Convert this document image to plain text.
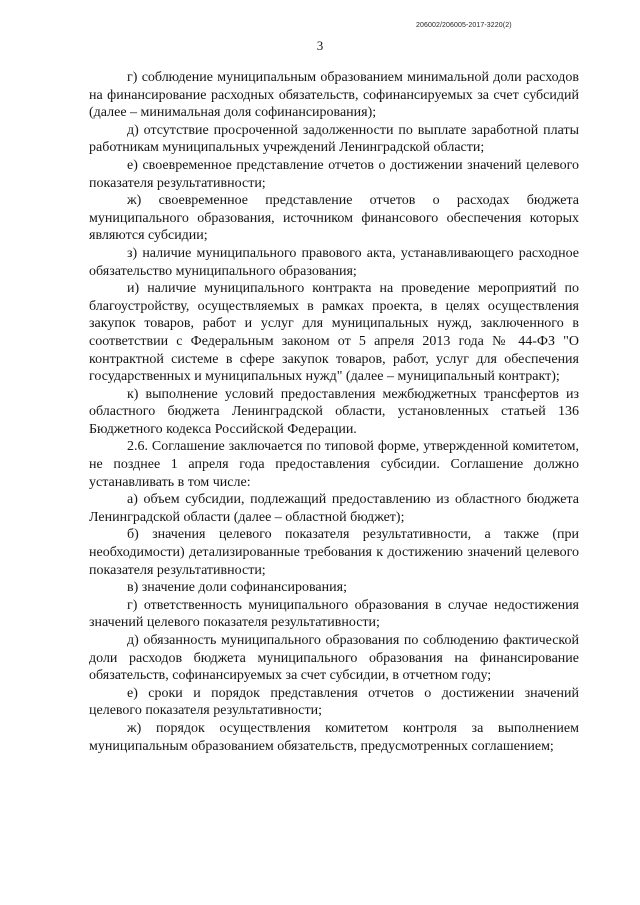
206002/206005-2017-3220(2)
3

г) соблюдение муниципальным образованием минимальной доли расходов на финансирование расходных обязательств, софинансируемых за счет субсидий (далее – минимальная доля софинансирования);

д) отсутствие просроченной задолженности по выплате заработной платы работникам муниципальных учреждений Ленинградской области;

е) своевременное представление отчетов о достижении значений целевого показателя результативности;

ж) своевременное представление отчетов о расходах бюджета муниципального образования, источником финансового обеспечения которых являются субсидии;

з) наличие муниципального правового акта, устанавливающего расходное обязательство муниципального образования;

и) наличие муниципального контракта на проведение мероприятий по благоустройству, осуществляемых в рамках проекта, в целях осуществления закупок товаров, работ и услуг для муниципальных нужд, заключенного в соответствии с Федеральным законом от 5 апреля 2013 года № 44-ФЗ "О контрактной системе в сфере закупок товаров, работ, услуг для обеспечения государственных и муниципальных нужд" (далее – муниципальный контракт);

к) выполнение условий предоставления межбюджетных трансфертов из областного бюджета Ленинградской области, установленных статьей 136 Бюджетного кодекса Российской Федерации.

2.6. Соглашение заключается по типовой форме, утвержденной комитетом, не позднее 1 апреля года предоставления субсидии. Соглашение должно устанавливать в том числе:

а) объем субсидии, подлежащий предоставлению из областного бюджета Ленинградской области (далее – областной бюджет);

б) значения целевого показателя результативности, а также (при необходимости) детализированные требования к достижению значений целевого показателя результативности;

в) значение доли софинансирования;

г) ответственность муниципального образования в случае недостижения значений целевого показателя результативности;

д) обязанность муниципального образования по соблюдению фактической доли расходов бюджета муниципального образования на финансирование обязательств, софинансируемых за счет субсидии, в отчетном году;

е) сроки и порядок представления отчетов о достижении значений целевого показателя результативности;

ж) порядок осуществления комитетом контроля за выполнением муниципальным образованием обязательств, предусмотренных соглашением;
